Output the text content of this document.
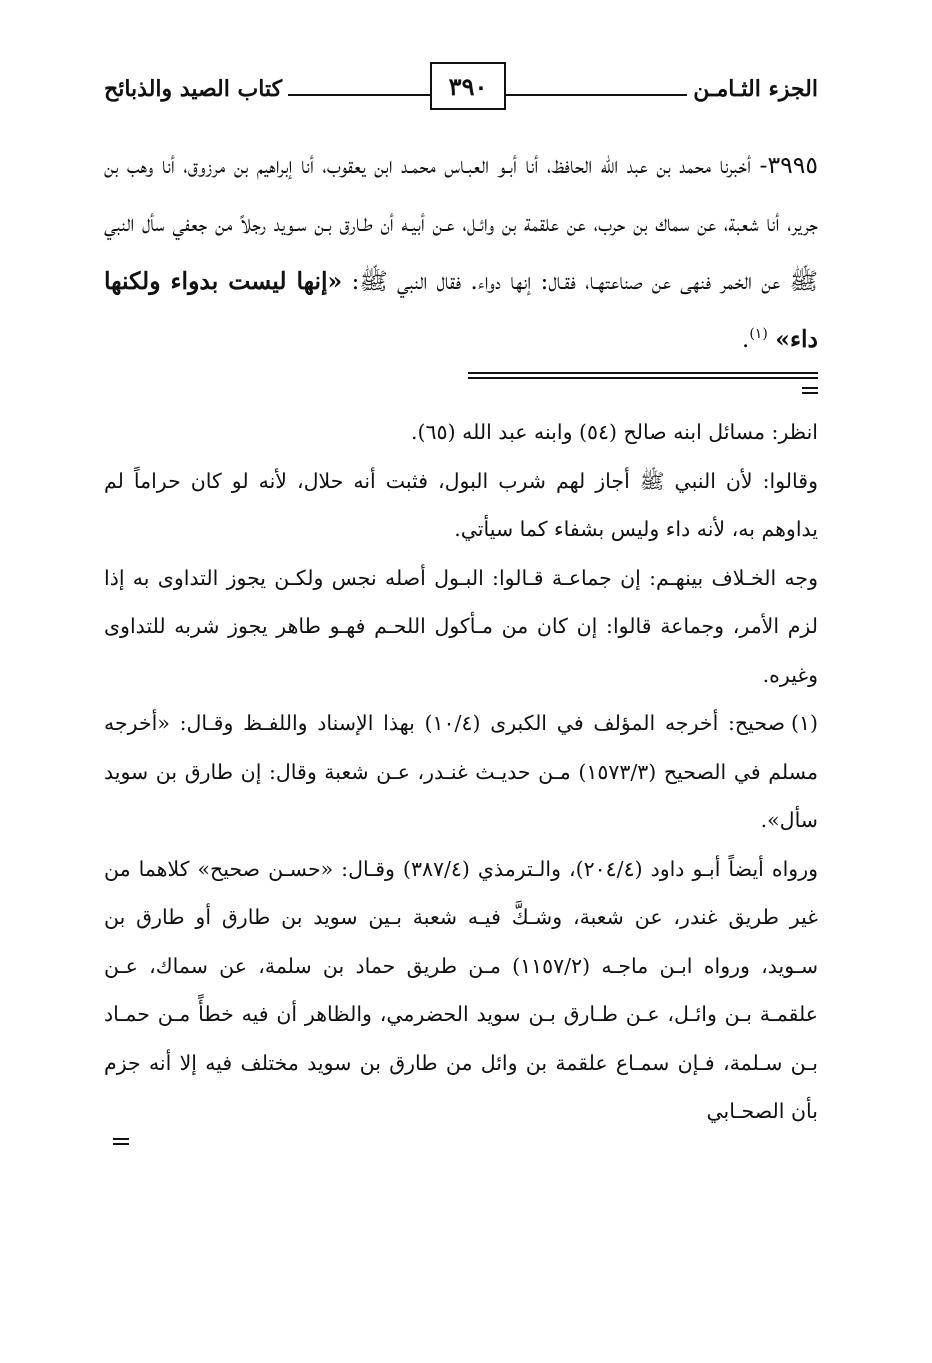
الجزء الثـامـن
٣٩٠
كتاب الصيد والذبائح
٣٩٩٥- أخبرنا محمد بن عبد الله الحافظ، أنا أبـو العبـاس محمـد ابن يعقوب، أنا إبراهيم بن مرزوق، أنا وهب بن جرير، أنا شعبة، عن سماك بن حرب، عن علقمة بن وائـل، عـن أبيـه أن طـارق بـن سـويد رجلاً من جعفي سأل النبي ﷺ عن الخمر فنهى عن صناعتهـا، فقـال: إنها دواء. فقال النبي ﷺ: «إنها ليست بدواء ولكنها داء» $^{(١)}$.

انظر: مسائل ابنه صالح (٥٤) وابنه عبد الله (٦٥).

وقالوا: لأن النبي ﷺ أجاز لهم شرب البول، فثبت أنه حلال، لأنه لو كان حراماً لم يداوهم به، لأنه داء وليس بشفاء كما سيأتي.

وجه الخـلاف بينهـم: إن جماعـة قـالوا: البـول أصله نجس ولكـن يجوز التداوى به إذا لزم الأمر، وجماعة قالوا: إن كان من مـأكول اللحـم فهـو طاهر يجوز شربه للتداوى وغيره.

(١)صحيح: أخرجه المؤلف في الكبرى (١٠/٤) بهذا الإسناد واللفـظ وقـال: «أخرجه مسلم في الصحيح (١٥٧٣/٣) مـن حديـث غنـدر، عـن شعبة وقال: إن طارق بن سويد سأل».

ورواه أيضاً أبـو داود (٢٠٤/٤)، والـترمذي (٣٨٧/٤) وقـال: «حسـن صحيح» كلاهما من غير طريق غندر، عن شعبة، وشـكَّ فيـه شعبة بـين سويد بن طارق أو طارق بن سـويد، ورواه ابـن ماجـه (١١٥٧/٢) مـن طريق حماد بن سلمة، عن سماك، عـن علقمـة بـن وائـل، عـن طـارق بـن سويد الحضرمي، والظاهر أن فيه خطأً مـن حمـاد بـن سـلمة، فـإن سمـاع علقمة بن وائل من طارق بن سويد مختلف فيه إلا أنه جزم بأن الصحـابي
